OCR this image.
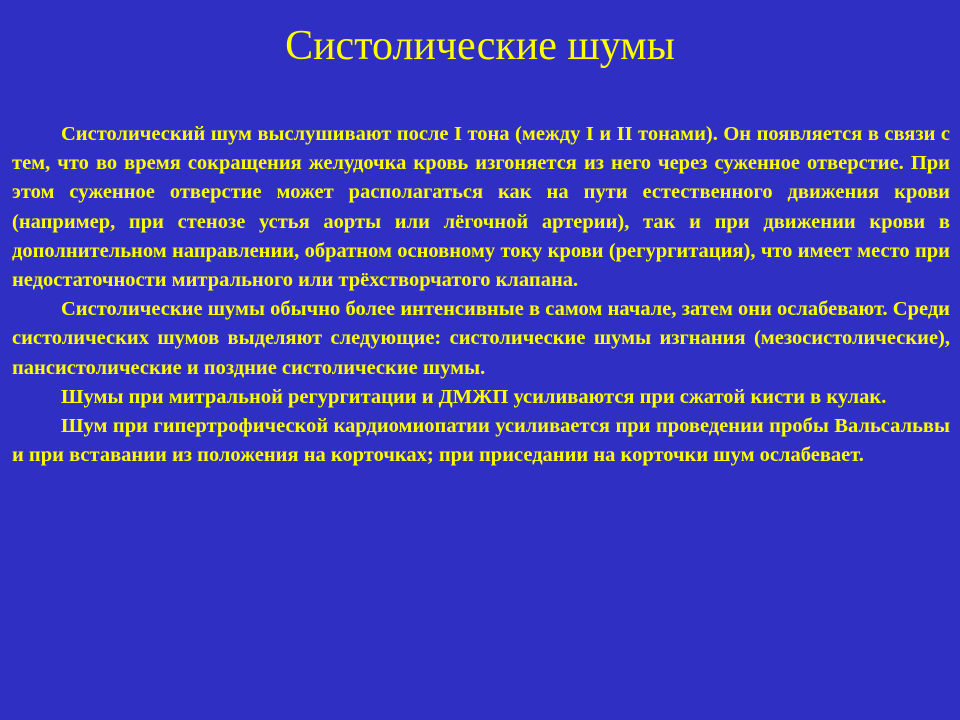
Систолические шумы

Систолический шум выслушивают после I тона (между I и II тонами). Он появляется в связи с тем, что во время сокращения желудочка кровь изгоняется из него через суженное отверстие. При этом суженное отверстие может располагаться как на пути естественного движения крови (например, при стенозе устья аорты или лёгочной артерии), так и при движении крови в дополнительном направлении, обратном основному току крови (регургитация), что имеет место при недостаточности митрального или трёхстворчатого клапана.

Систолические шумы обычно более интенсивные в самом начале, затем они ослабевают. Среди систолических шумов выделяют следующие: систолические шумы изгнания (мезосистолические), пансистолические и поздние систолические шумы.

Шумы при митральной регургитации и ДМЖП усиливаются при сжатой кисти в кулак.

Шум при гипертрофической кардиомиопатии усиливается при проведении пробы Вальсальвы и при вставании из положения на корточках; при приседании на корточки шум ослабевает.
